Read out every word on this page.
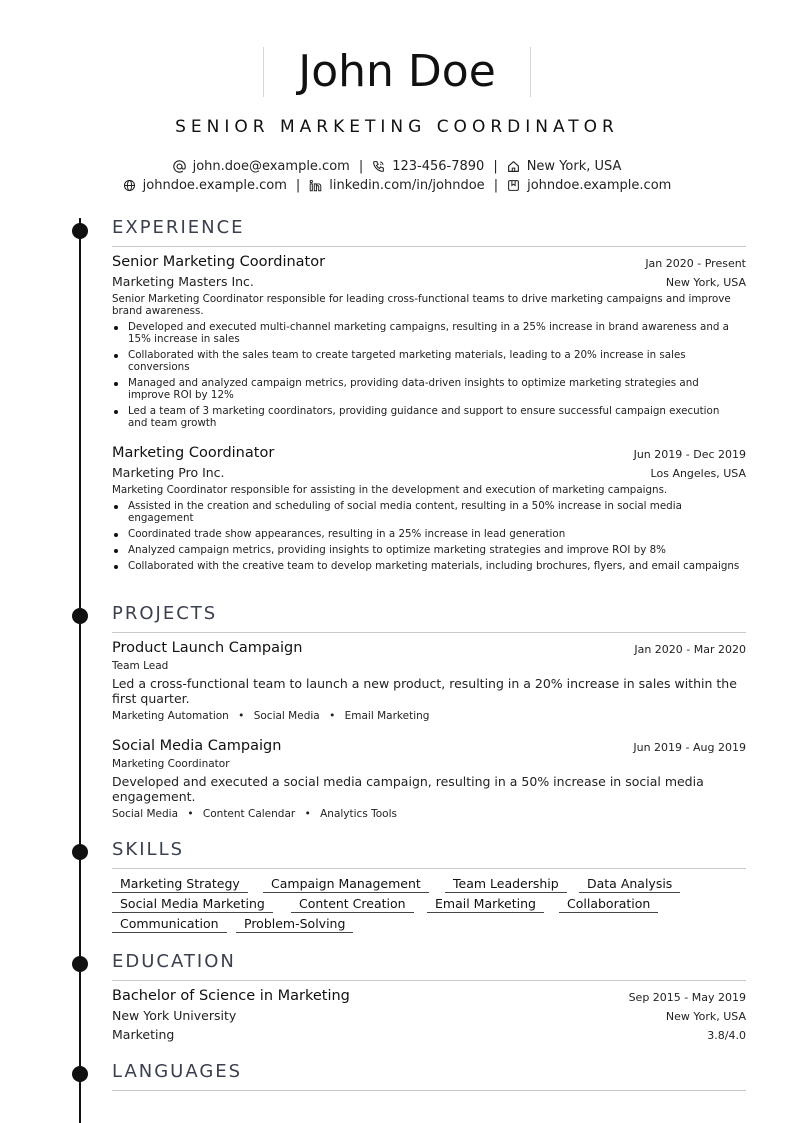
John Doe
SENIOR MARKETING COORDINATOR
john.doe@example.com | 123-456-7890 | New York, USA
johndoe.example.com | linkedin.com/in/johndoe | johndoe.example.com
EXPERIENCE
Senior Marketing Coordinator	Jan 2020 - Present
Marketing Masters Inc.	New York, USA
Senior Marketing Coordinator responsible for leading cross-functional teams to drive marketing campaigns and improve brand awareness.
Developed and executed multi-channel marketing campaigns, resulting in a 25% increase in brand awareness and a 15% increase in sales
Collaborated with the sales team to create targeted marketing materials, leading to a 20% increase in sales conversions
Managed and analyzed campaign metrics, providing data-driven insights to optimize marketing strategies and improve ROI by 12%
Led a team of 3 marketing coordinators, providing guidance and support to ensure successful campaign execution and team growth
Marketing Coordinator	Jun 2019 - Dec 2019
Marketing Pro Inc.	Los Angeles, USA
Marketing Coordinator responsible for assisting in the development and execution of marketing campaigns.
Assisted in the creation and scheduling of social media content, resulting in a 50% increase in social media engagement
Coordinated trade show appearances, resulting in a 25% increase in lead generation
Analyzed campaign metrics, providing insights to optimize marketing strategies and improve ROI by 8%
Collaborated with the creative team to develop marketing materials, including brochures, flyers, and email campaigns
PROJECTS
Product Launch Campaign	Jan 2020 - Mar 2020
Team Lead
Led a cross-functional team to launch a new product, resulting in a 20% increase in sales within the first quarter.
Marketing Automation • Social Media • Email Marketing
Social Media Campaign	Jun 2019 - Aug 2019
Marketing Coordinator
Developed and executed a social media campaign, resulting in a 50% increase in social media engagement.
Social Media • Content Calendar • Analytics Tools
SKILLS
Marketing Strategy	Campaign Management	Team Leadership	Data Analysis
Social Media Marketing	Content Creation	Email Marketing	Collaboration
Communication	Problem-Solving
EDUCATION
Bachelor of Science in Marketing	Sep 2015 - May 2019
New York University	New York, USA
Marketing	3.8/4.0
LANGUAGES
